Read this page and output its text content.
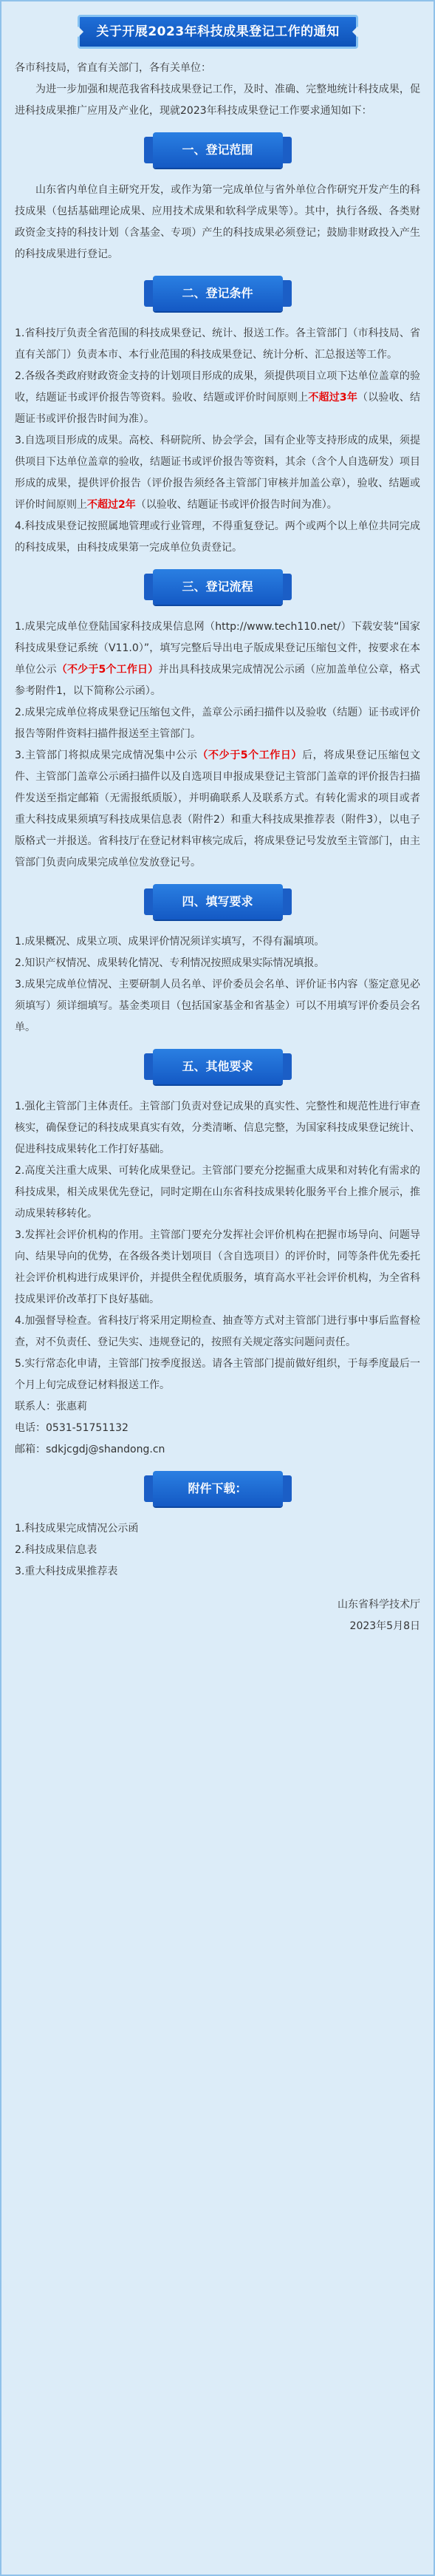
关于开展2023年科技成果登记工作的通知

各市科技局，省直有关部门，各有关单位：

为进一步加强和规范我省科技成果登记工作，及时、准确、完整地统计科技成果，促进科技成果推广应用及产业化，现就2023年科技成果登记工作要求通知如下：

一、登记范围

山东省内单位自主研究开发，或作为第一完成单位与省外单位合作研究开发产生的科技成果（包括基础理论成果、应用技术成果和软科学成果等）。其中，执行各级、各类财政资金支持的科技计划（含基金、专项）产生的科技成果必须登记；鼓励非财政投入产生的科技成果进行登记。

二、登记条件

1.省科技厅负责全省范围的科技成果登记、统计、报送工作。各主管部门（市科技局、省直有关部门）负责本市、本行业范围的科技成果登记、统计分析、汇总报送等工作。

2.各级各类政府财政资金支持的计划项目形成的成果，须提供项目立项下达单位盖章的验收，结题证书或评价报告等资料。验收、结题或评价时间原则上不超过3年（以验收、结题证书或评价报告时间为准）。

3.自选项目形成的成果。高校、科研院所、协会学会，国有企业等支持形成的成果，须提供项目下达单位盖章的验收，结题证书或评价报告等资料，其余（含个人自选研发）项目形成的成果，提供评价报告（评价报告须经各主管部门审核并加盖公章），验收、结题或评价时间原则上不超过2年（以验收、结题证书或评价报告时间为准）。

4.科技成果登记按照属地管理或行业管理，不得重复登记。两个或两个以上单位共同完成的科技成果，由科技成果第一完成单位负责登记。

三、登记流程

1.成果完成单位登陆国家科技成果信息网（http://www.tech110.net/）下载安装“国家科技成果登记系统（V11.0）”，填写完整后导出电子版成果登记压缩包文件，按要求在本单位公示（不少于5个工作日）并出具科技成果完成情况公示函（应加盖单位公章，格式参考附件1，以下简称公示函）。

2.成果完成单位将成果登记压缩包文件，盖章公示函扫描件以及验收（结题）证书或评价报告等附件资料扫描件报送至主管部门。

3.主管部门将拟成果完成情况集中公示（不少于5个工作日）后，将成果登记压缩包文件、主管部门盖章公示函扫描件以及自选项目申报成果登记主管部门盖章的评价报告扫描件发送至指定邮箱（无需报纸质版），并明确联系人及联系方式。有转化需求的项目或者重大科技成果须填写科技成果信息表（附件2）和重大科技成果推荐表（附件3），以电子版格式一并报送。省科技厅在登记材料审核完成后，将成果登记号发放至主管部门，由主管部门负责向成果完成单位发放登记号。

四、填写要求

1.成果概况、成果立项、成果评价情况须详实填写，不得有漏填项。

2.知识产权情况、成果转化情况、专利情况按照成果实际情况填报。

3.成果完成单位情况、主要研制人员名单、评价委员会名单、评价证书内容（鉴定意见必须填写）须详细填写。基金类项目（包括国家基金和省基金）可以不用填写评价委员会名单。

五、其他要求

1.强化主管部门主体责任。主管部门负责对登记成果的真实性、完整性和规范性进行审查核实，确保登记的科技成果真实有效，分类清晰、信息完整，为国家科技成果登记统计、促进科技成果转化工作打好基础。

2.高度关注重大成果、可转化成果登记。主管部门要充分挖掘重大成果和对转化有需求的科技成果，相关成果优先登记，同时定期在山东省科技成果转化服务平台上推介展示，推动成果转移转化。

3.发挥社会评价机构的作用。主管部门要充分发挥社会评价机构在把握市场导向、问题导向、结果导向的优势，在各级各类计划项目（含自选项目）的评价时，同等条件优先委托社会评价机构进行成果评价，并提供全程优质服务，填育高水平社会评价机构，为全省科技成果评价改革打下良好基础。

4.加强督导检查。省科技厅将采用定期检查、抽查等方式对主管部门进行事中事后监督检查，对不负责任、登记失实、违规登记的，按照有关规定落实问题问责任。

5.实行常态化申请，主管部门按季度报送。请各主管部门提前做好组织，于每季度最后一个月上旬完成登记材料报送工作。

联系人：张惠莉

电话：0531-51751132

邮箱：sdkjcgdj@shandong.cn

附件下载：

1.科技成果完成情况公示函

2.科技成果信息表

3.重大科技成果推荐表

山东省科学技术厅

2023年5月8日
